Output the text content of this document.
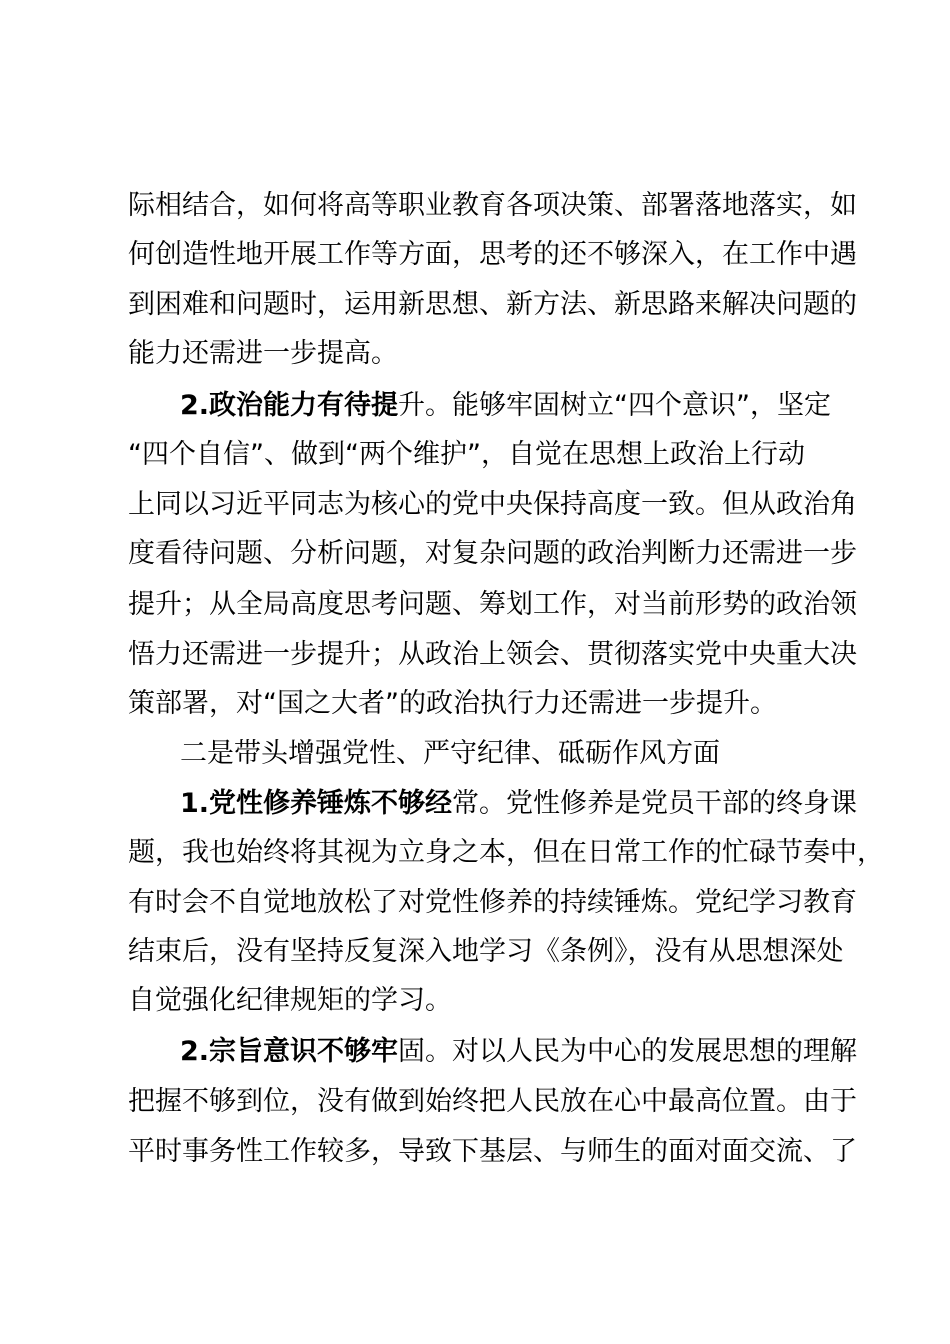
际相结合，如何将高等职业教育各项决策、部署落地落实，如
何创造性地开展工作等方面，思考的还不够深入，在工作中遇
到困难和问题时，运用新思想、新方法、新思路来解决问题的
能力还需进一步提高。
2.政治能力有待提升。能够牢固树立“四个意识”，坚定
“四个自信”、做到“两个维护”，自觉在思想上政治上行动
上同以习近平同志为核心的党中央保持高度一致。但从政治角
度看待问题、分析问题，对复杂问题的政治判断力还需进一步
提升；从全局高度思考问题、筹划工作，对当前形势的政治领
悟力还需进一步提升；从政治上领会、贯彻落实党中央重大决
策部署，对“国之大者”的政治执行力还需进一步提升。
二是带头增强党性、严守纪律、砥砺作风方面
1.党性修养锤炼不够经常。党性修养是党员干部的终身课
题，我也始终将其视为立身之本，但在日常工作的忙碌节奏中，
有时会不自觉地放松了对党性修养的持续锤炼。党纪学习教育
结束后，没有坚持反复深入地学习《条例》，没有从思想深处
自觉强化纪律规矩的学习。
2.宗旨意识不够牢固。对以人民为中心的发展思想的理解
把握不够到位，没有做到始终把人民放在心中最高位置。由于
平时事务性工作较多，导致下基层、与师生的面对面交流、了
